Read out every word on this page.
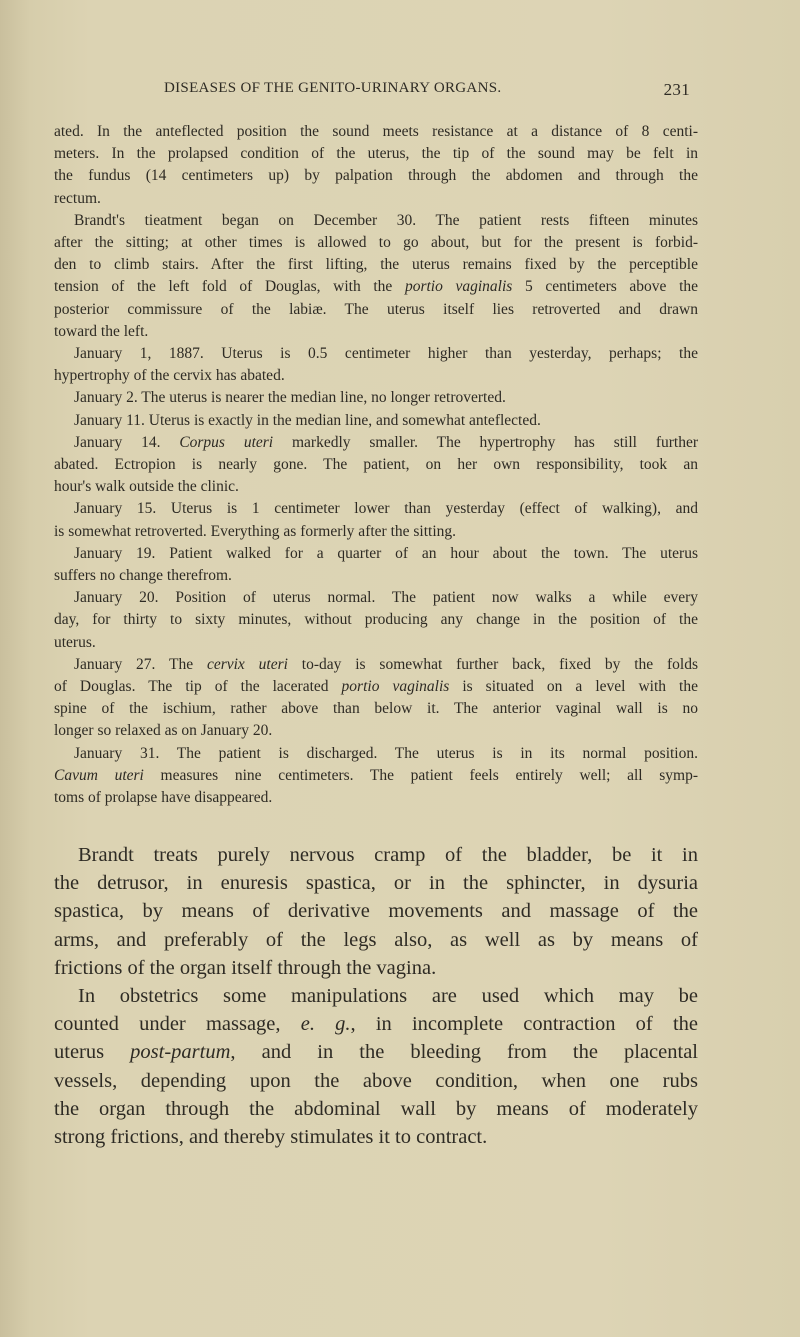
DISEASES OF THE GENITO-URINARY ORGANS.	231
ated. In the anteflected position the sound meets resistance at a distance of 8 centi-
meters. In the prolapsed condition of the uterus, the tip of the sound may be felt in
the fundus (14 centimeters up) by palpation through the abdomen and through the
rectum.
Brandt's tieatment began on December 30. The patient rests fifteen minutes
after the sitting; at other times is allowed to go about, but for the present is forbid-
den to climb stairs. After the first lifting, the uterus remains fixed by the perceptible
tension of the left fold of Douglas, with the portio vaginalis 5 centimeters above the
posterior commissure of the labiæ. The uterus itself lies retroverted and drawn
toward the left.
January 1, 1887. Uterus is 0.5 centimeter higher than yesterday, perhaps; the
hypertrophy of the cervix has abated.
January 2. The uterus is nearer the median line, no longer retroverted.
January 11. Uterus is exactly in the median line, and somewhat anteflected.
January 14. Corpus uteri markedly smaller. The hypertrophy has still further
abated. Ectropion is nearly gone. The patient, on her own responsibility, took an
hour's walk outside the clinic.
January 15. Uterus is 1 centimeter lower than yesterday (effect of walking), and
is somewhat retroverted. Everything as formerly after the sitting.
January 19. Patient walked for a quarter of an hour about the town. The uterus
suffers no change therefrom.
January 20. Position of uterus normal. The patient now walks a while every
day, for thirty to sixty minutes, without producing any change in the position of the
uterus.
January 27. The cervix uteri to-day is somewhat further back, fixed by the folds
of Douglas. The tip of the lacerated portio vaginalis is situated on a level with the
spine of the ischium, rather above than below it. The anterior vaginal wall is no
longer so relaxed as on January 20.
January 31. The patient is discharged. The uterus is in its normal position.
Cavum uteri measures nine centimeters. The patient feels entirely well; all symp-
toms of prolapse have disappeared.
Brandt treats purely nervous cramp of the bladder, be it in
the detrusor, in enuresis spastica, or in the sphincter, in dysuria
spastica, by means of derivative movements and massage of the
arms, and preferably of the legs also, as well as by means of
frictions of the organ itself through the vagina.
In obstetrics some manipulations are used which may be
counted under massage, e. g., in incomplete contraction of the
uterus post-partum, and in the bleeding from the placental
vessels, depending upon the above condition, when one rubs
the organ through the abdominal wall by means of moderately
strong frictions, and thereby stimulates it to contract.
